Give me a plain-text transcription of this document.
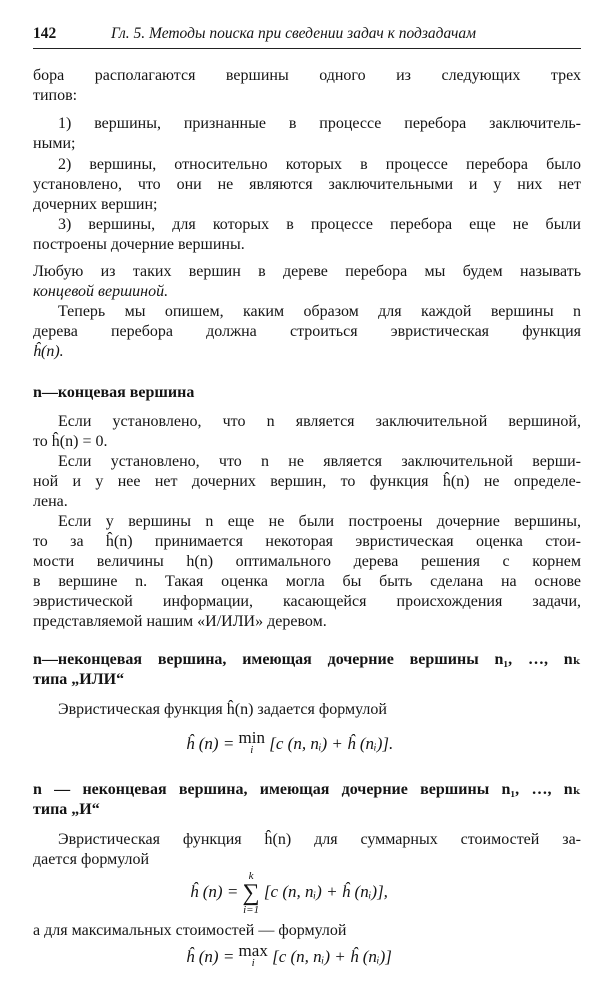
142	Гл. 5. Методы поиска при сведении задач к подзадачам
бора располагаются вершины одного из следующих трех
типов:
1) вершины, признанные в процессе перебора заключитель-
ными;
2) вершины, относительно которых в процессе перебора было
установлено, что они не являются заключительными и у них нет
дочерних вершин;
3) вершины, для которых в процессе перебора еще не были
построены дочерние вершины.
Любую из таких вершин в дереве перебора мы будем называть
концевой вершиной.
Теперь мы опишем, каким образом для каждой вершины n
дерева перебора должна строиться эвристическая функция
ĥ(n).
n—концевая вершина
Если установлено, что n является заключительной вершиной,
то ĥ(n) = 0.
Если установлено, что n не является заключительной верши-
ной и у нее нет дочерних вершин, то функция ĥ(n) не определе-
лена.
Если у вершины n еще не были построены дочерние вершины,
то за ĥ(n) принимается некоторая эвристическая оценка стои-
мости величины h(n) оптимального дерева решения с корнем
в вершине n. Такая оценка могла бы быть сделана на основе
эвристической информации, касающейся происхождения задачи,
представляемой нашим «И/ИЛИ» деревом.
n—неконцевая вершина, имеющая дочерние вершины n₁, …, nₖ
типа „ИЛИ“
Эвристическая функция ĥ(n) задается формулой
ĥ (n) = min
i [c (n, nᵢ) + ĥ (nᵢ)].
n — неконцевая вершина, имеющая дочерние вершины n₁, …, nₖ
типа „И“
Эвристическая функция ĥ(n) для суммарных стоимостей за-
дается формулой
ĥ (n) =
k
∑
i=1
[c (n, nᵢ) + ĥ (nᵢ)],
а для максимальных стоимостей — формулой
ĥ (n) = max
i	[c (n, nᵢ) + ĥ (nᵢ)]
